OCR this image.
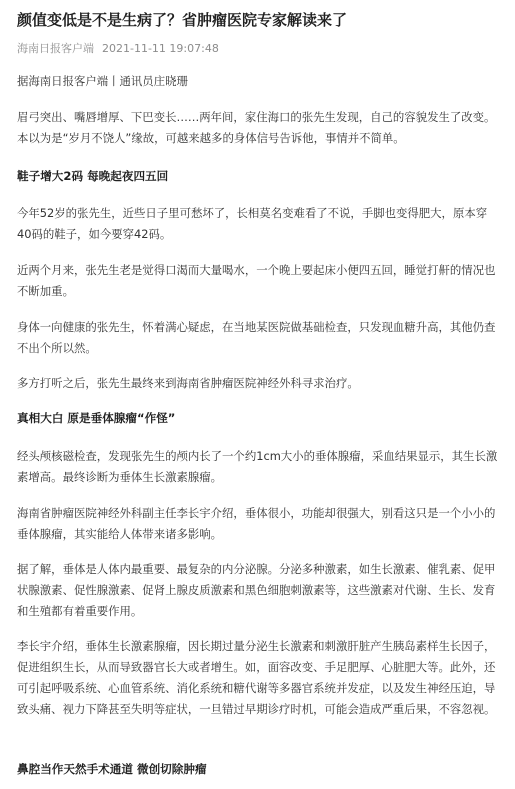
颜值变低是不是生病了？省肿瘤医院专家解读来了
海南日报客户端 2021-11-11 19:07:48

据海南日报客户端丨通讯员庄晓珊

眉弓突出、嘴唇增厚、下巴变长……两年间，家住海口的张先生发现，自己的容貌发生了改变。本以为是“岁月不饶人”缘故，可越来越多的身体信号告诉他，事情并不简单。

鞋子增大2码 每晚起夜四五回

今年52岁的张先生，近些日子里可愁坏了，长相莫名变难看了不说，手脚也变得肥大，原本穿40码的鞋子，如今要穿42码。

近两个月来，张先生老是觉得口渴而大量喝水，一个晚上要起床小便四五回，睡觉打鼾的情况也不断加重。

身体一向健康的张先生，怀着满心疑虑，在当地某医院做基础检查，只发现血糖升高，其他仍查不出个所以然。

多方打听之后，张先生最终来到海南省肿瘤医院神经外科寻求治疗。

真相大白 原是垂体腺瘤“作怪”

经头颅核磁检查，发现张先生的颅内长了一个约1cm大小的垂体腺瘤，采血结果显示，其生长激素增高。最终诊断为垂体生长激素腺瘤。

海南省肿瘤医院神经外科副主任李长宇介绍，垂体很小，功能却很强大，别看这只是一个小小的垂体腺瘤，其实能给人体带来诸多影响。

据了解，垂体是人体内最重要、最复杂的内分泌腺。分泌多种激素，如生长激素、催乳素、促甲状腺激素、促性腺激素、促肾上腺皮质激素和黑色细胞刺激素等，这些激素对代谢、生长、发育和生殖都有着重要作用。

李长宇介绍，垂体生长激素腺瘤，因长期过量分泌生长激素和刺激肝脏产生胰岛素样生长因子，促进组织生长，从而导致器官长大或者增生。如，面容改变、手足肥厚、心脏肥大等。此外，还可引起呼吸系统、心血管系统、消化系统和糖代谢等多器官系统并发症，以及发生神经压迫，导致头痛、视力下降甚至失明等症状，一旦错过早期诊疗时机，可能会造成严重后果，不容忽视。

鼻腔当作天然手术通道 微创切除肿瘤
